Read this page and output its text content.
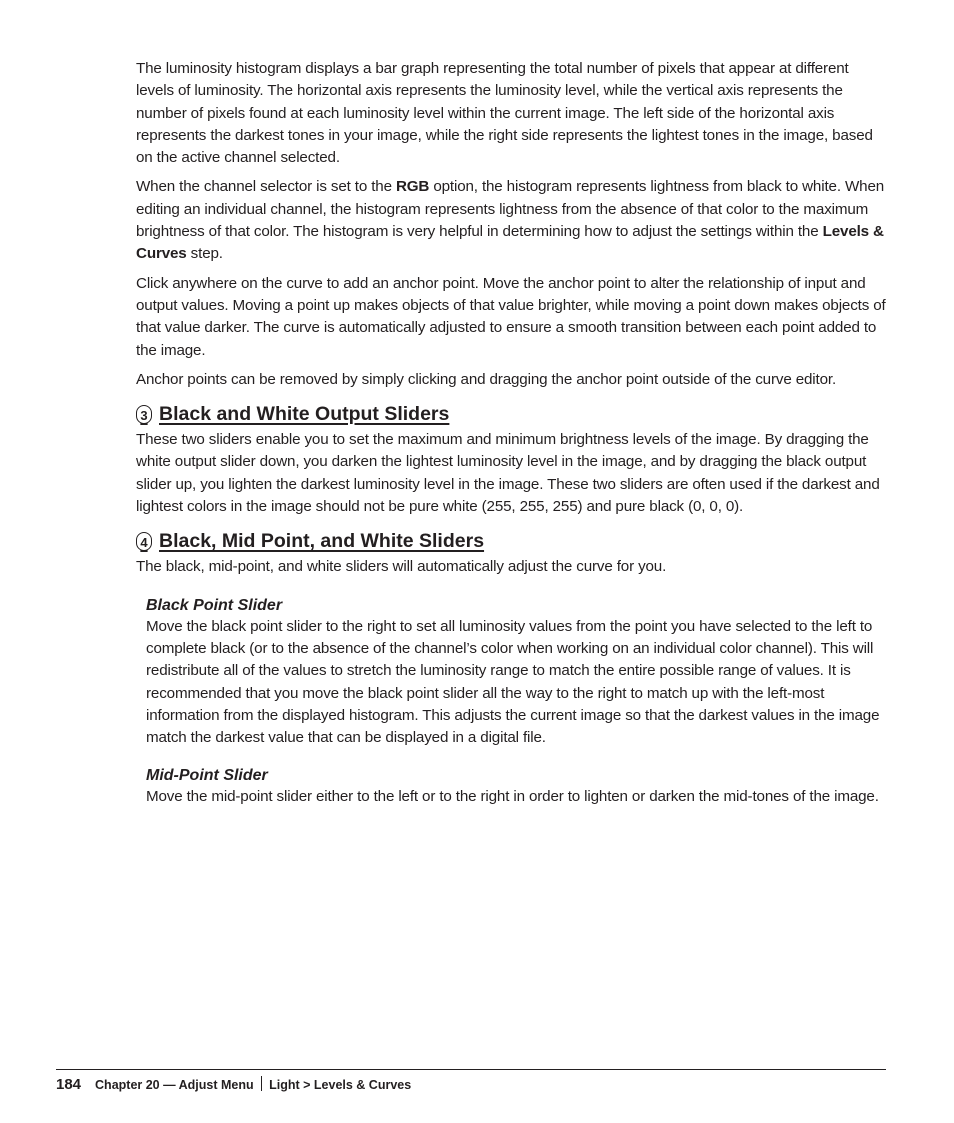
The luminosity histogram displays a bar graph representing the total number of pixels that appear at different levels of luminosity. The horizontal axis represents the luminosity level, while the vertical axis represents the number of pixels found at each luminosity level within the current image. The left side of the horizontal axis represents the darkest tones in your image, while the right side represents the lightest tones in the image, based on the active channel selected.

When the channel selector is set to the RGB option, the histogram represents lightness from black to white. When editing an individual channel, the histogram represents lightness from the absence of that color to the maximum brightness of that color. The histogram is very helpful in determining how to adjust the settings within the Levels & Curves step.

Click anywhere on the curve to add an anchor point. Move the anchor point to alter the relationship of input and output values. Moving a point up makes objects of that value brighter, while moving a point down makes objects of that value darker. The curve is automatically adjusted to ensure a smooth transition between each point added to the image.

Anchor points can be removed by simply clicking and dragging the anchor point outside of the curve editor.

3 Black and White Output Sliders

These two sliders enable you to set the maximum and minimum brightness levels of the image. By dragging the white output slider down, you darken the lightest luminosity level in the image, and by dragging the black output slider up, you lighten the darkest luminosity level in the image. These two sliders are often used if the darkest and lightest colors in the image should not be pure white (255, 255, 255) and pure black (0, 0, 0).

4 Black, Mid Point, and White Sliders

The black, mid-point, and white sliders will automatically adjust the curve for you.

Black Point Slider

Move the black point slider to the right to set all luminosity values from the point you have selected to the left to complete black (or to the absence of the channel’s color when working on an individual color channel). This will redistribute all of the values to stretch the luminosity range to match the entire possible range of values. It is recommended that you move the black point slider all the way to the right to match up with the left-most information from the displayed histogram. This adjusts the current image so that the darkest values in the image match the darkest value that can be displayed in a digital file.

Mid-Point Slider

Move the mid-point slider either to the left or to the right in order to lighten or darken the mid-tones of the image.

184 Chapter 20 — Adjust Menu Light > Levels & Curves
